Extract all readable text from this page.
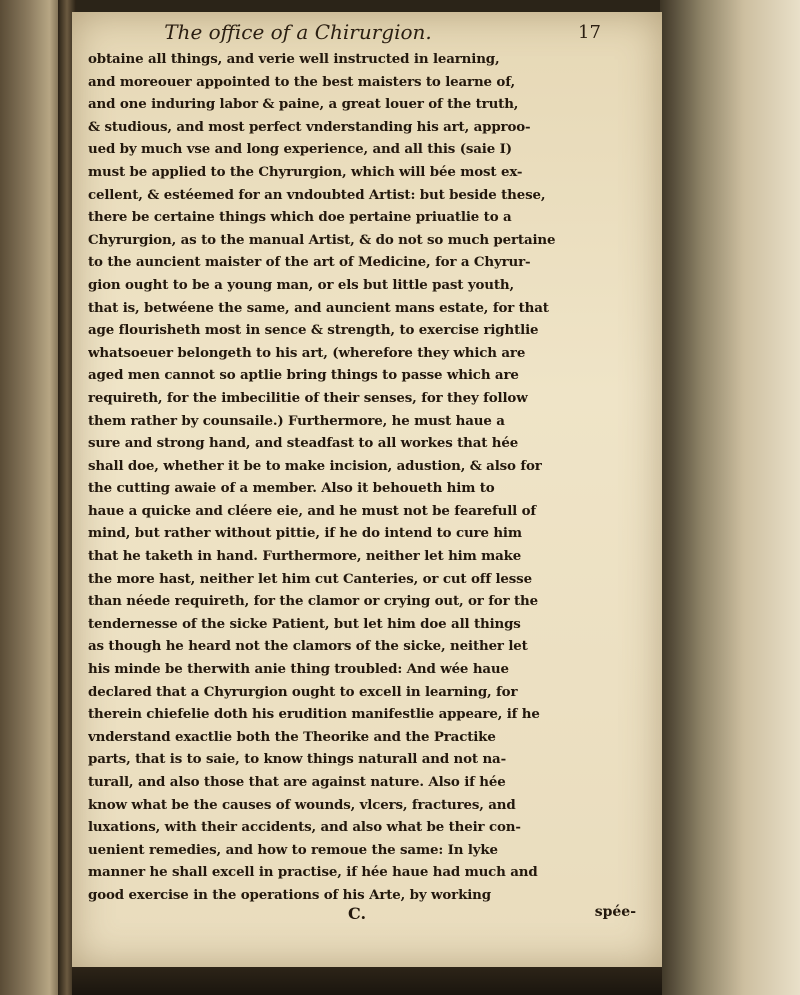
The office of a Chirurgion.	17
obtaine all things, and verie well instructed in learning,
and moreouer appointed to the best maisters to learne of,
and one induring labor & paine, a great louer of the truth,
& studious, and most perfect vnderstanding his art, approo-
ued by much vse and long experience, and all this (saie I)
must be applied to the Chyrurgion, which will bée most ex-
cellent, & estéemed for an vndoubted Artist: but beside these,
there be certaine things which doe pertaine priuatlie to a
Chyrurgion, as to the manual Artist, & do not so much pertaine
to the auncient maister of the art of Medicine, for a Chyrur-
gion ought to be a young man, or els but little past youth,
that is, betwéene the same, and auncient mans estate, for that
age flourisheth most in sence & strength, to exercise rightlie
whatsoeuer belongeth to his art, (wherefore they which are
aged men cannot so aptlie bring things to passe which are
requireth, for the imbecilitie of their senses, for they follow
them rather by counsaile.) Furthermore, he must haue a
sure and strong hand, and steadfast to all workes that hée
shall doe, whether it be to make incision, adustion, & also for
the cutting awaie of a member. Also it behoueth him to
haue a quicke and cléere eie, and he must not be fearefull of
mind, but rather without pittie, if he do intend to cure him
that he taketh in hand. Furthermore, neither let him make
the more hast, neither let him cut Canteries, or cut off lesse
than néede requireth, for the clamor or crying out, or for the
tendernesse of the sicke Patient, but let him doe all things
as though he heard not the clamors of the sicke, neither let
his minde be therwith anie thing troubled: And wée haue
declared that a Chyrurgion ought to excell in learning, for
therein chiefelie doth his erudition manifestlie appeare, if he
vnderstand exactlie both the Theorike and the Practike
parts, that is to saie, to know things naturall and not na-
turall, and also those that are against nature. Also if hée
know what be the causes of wounds, vlcers, fractures, and
luxations, with their accidents, and also what be their con-
uenient remedies, and how to remoue the same: In lyke
manner he shall excell in practise, if hée haue had much and
good exercise in the operations of his Arte, by working
C.	spée-
